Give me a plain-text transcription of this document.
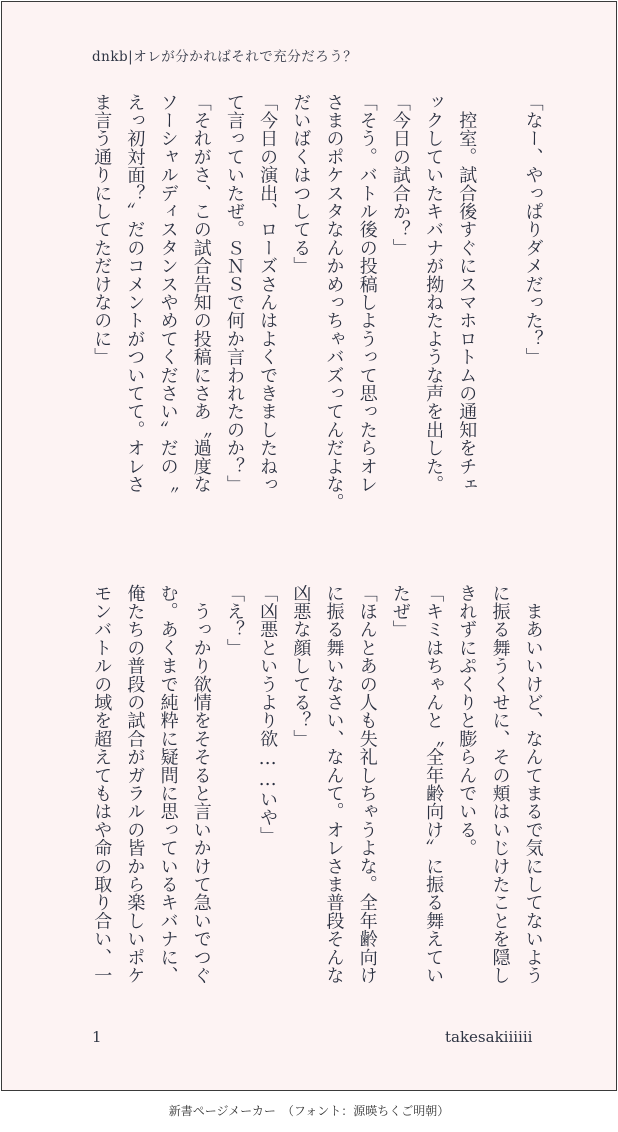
dnkb|オレが分かればそれで充分だろう？
「なー、やっぱりダメだった？」
　控室。試合後すぐにスマホロトムの通知をチェ
ックしていたキバナが拗ねたような声を出した。
「今日の試合か？」
「そう。バトル後の投稿しようって思ったらオレ
さまのポケスタなんかめっちゃバズってんだよな。
だいばくはつしてる」
「今日の演出、ローズさんはよくできましたねっ
て言っていたぜ。ＳＮＳで何か言われたのか？」
「それがさ、この試合告知の投稿にさあ〝過度な
ソーシャルディスタンスやめてください〟だの〝
えっ初対面？〟だのコメントがついてて。オレさ
ま言う通りにしてただけなのに」
　まあいいけど、なんてまるで気にしてないよう
に振る舞うくせに、その頬はいじけたことを隠し
きれずにぷくりと膨らんでいる。
「キミはちゃんと〝全年齢向け〟に振る舞えてい
たぜ」
「ほんとあの人も失礼しちゃうよな。全年齢向け
に振る舞いなさい、なんて。オレさま普段そんな
凶悪な顔してる？」
「凶悪というより欲……いや」
「え？」
　うっかり欲情をそそると言いかけて急いでつぐ
む。あくまで純粋に疑問に思っているキバナに、
俺たちの普段の試合がガラルの皆から楽しいポケ
モンバトルの域を超えてもはや命の取り合い、一
1	takesakiiiiii
新書ページメーカー　（フォント：源暎ちくご明朝）
